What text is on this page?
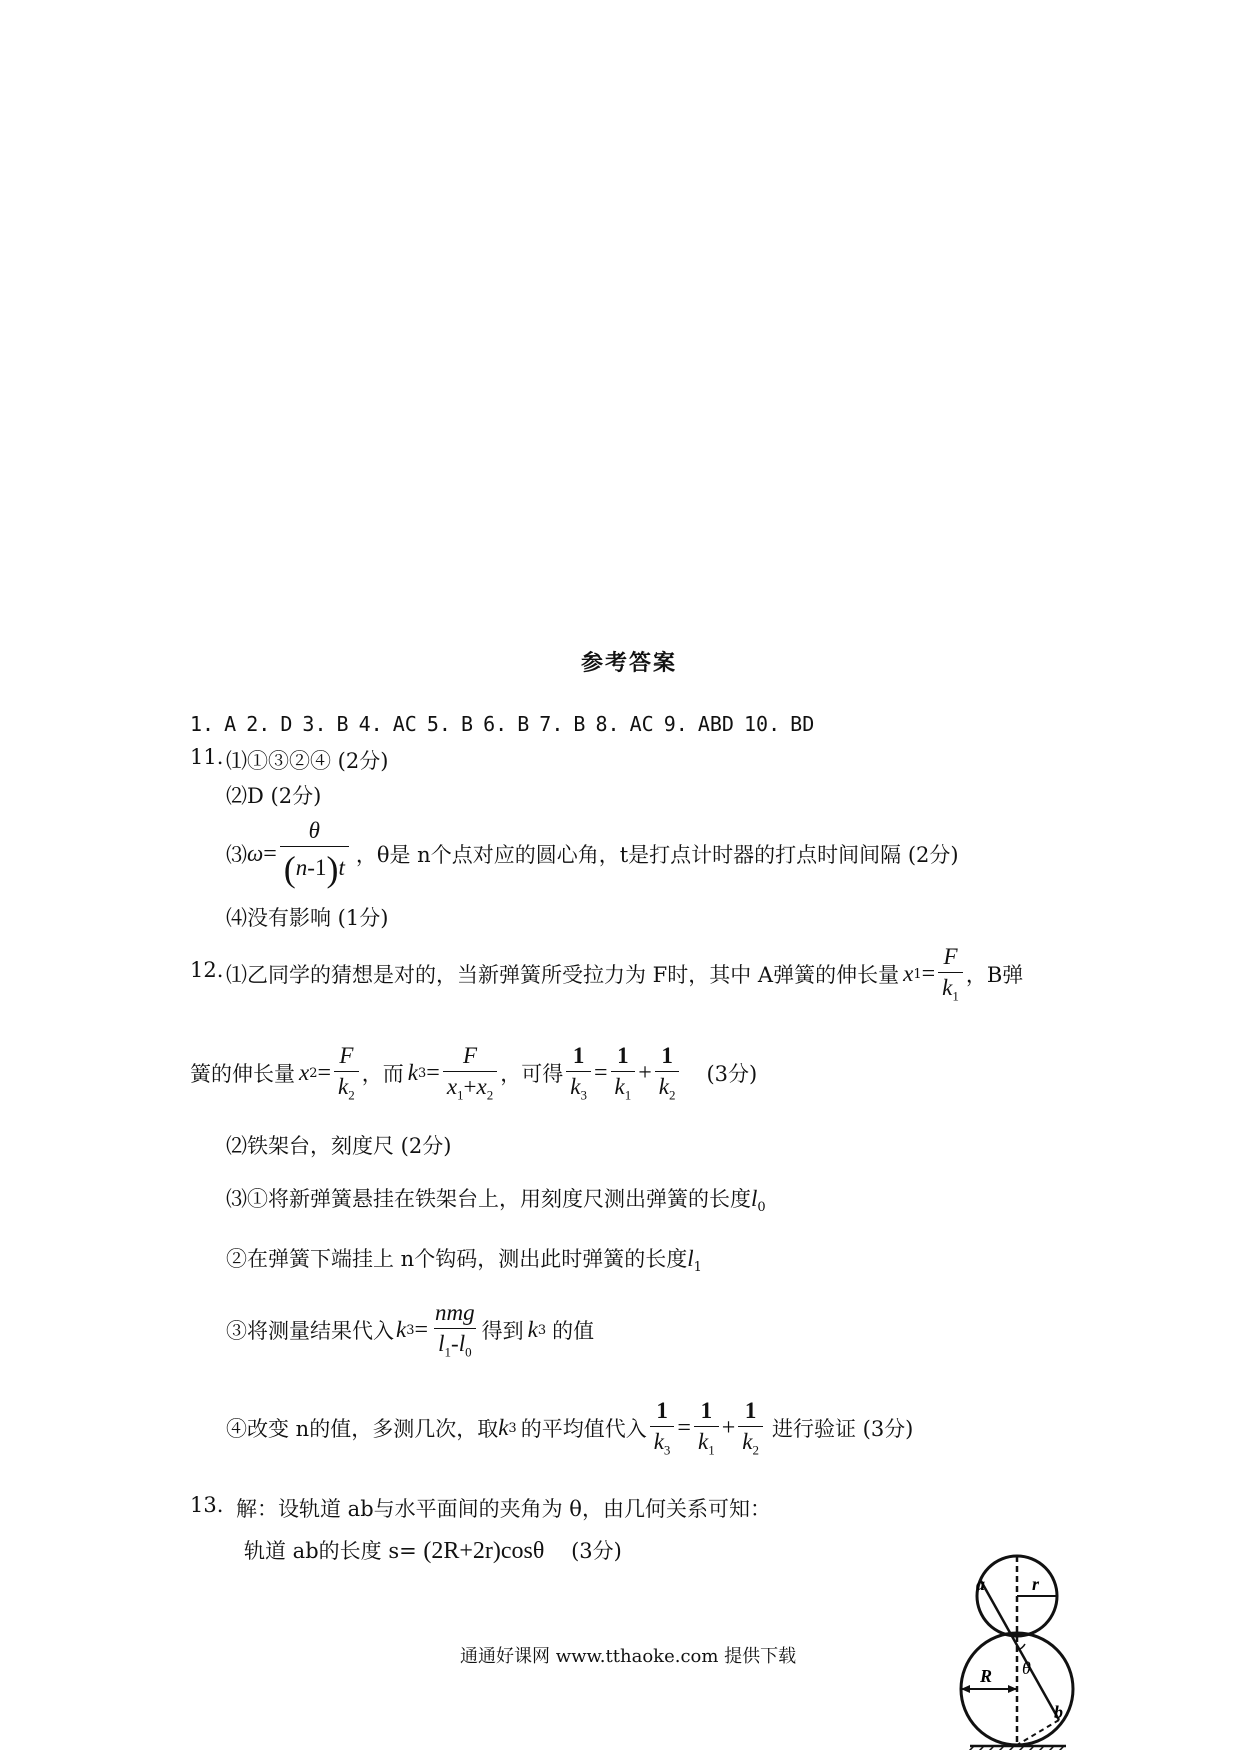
参考答案
1. A 2. D 3. B 4. AC 5. B 6. B 7. B 8. AC 9. ABD 10. BD
11. ⑴①③②④ (2分)
⑵D (2分)
⑶ $\omega = \frac{\theta}{(n-1)t}$ ， θ是 n个点对应的圆心角，t是打点计时器的打点时间间隔 (2分)
⑷没有影响 (1分)
12. ⑴乙同学的猜想是对的，当新弹簧所受拉力为 F时，其中 A弹簧的伸长量 x $1 = \frac{F}{k_1}$ ，B弹
簧的伸长量 x $2 = \frac{F}{k_2}$ ，而 k $3 = \frac{F}{x_1+x_2}$ ，可得 $\frac{1}{k_3} = \frac{1}{k_1} + \frac{1}{k_2} (3$分)
⑵铁架台，刻度尺 (2分)
⑶①将新弹簧悬挂在铁架台上，用刻度尺测出弹簧的长度$l_0$
②在弹簧下端挂上 n个钩码，测出此时弹簧的长度$l_1$
③将测量结果代入 k $3 = \frac{\text{nmg}}{l_1-l_0}$ 得到 k 3 的值
④改变 n的值，多测几次，取 k 3 的平均值代入 $\frac{1}{k_3} = \frac{1}{k_1} + \frac{1}{k_2}$ 进行验证 (3分)
13. 解：设轨道 ab与水平面间的夹角为 θ，由几何关系可知：
轨道 ab的长度 s= (2R+2r)cosθ (3分)
a	r
θ
R
b
通通好课网 www.tthaoke.com 提供下载
